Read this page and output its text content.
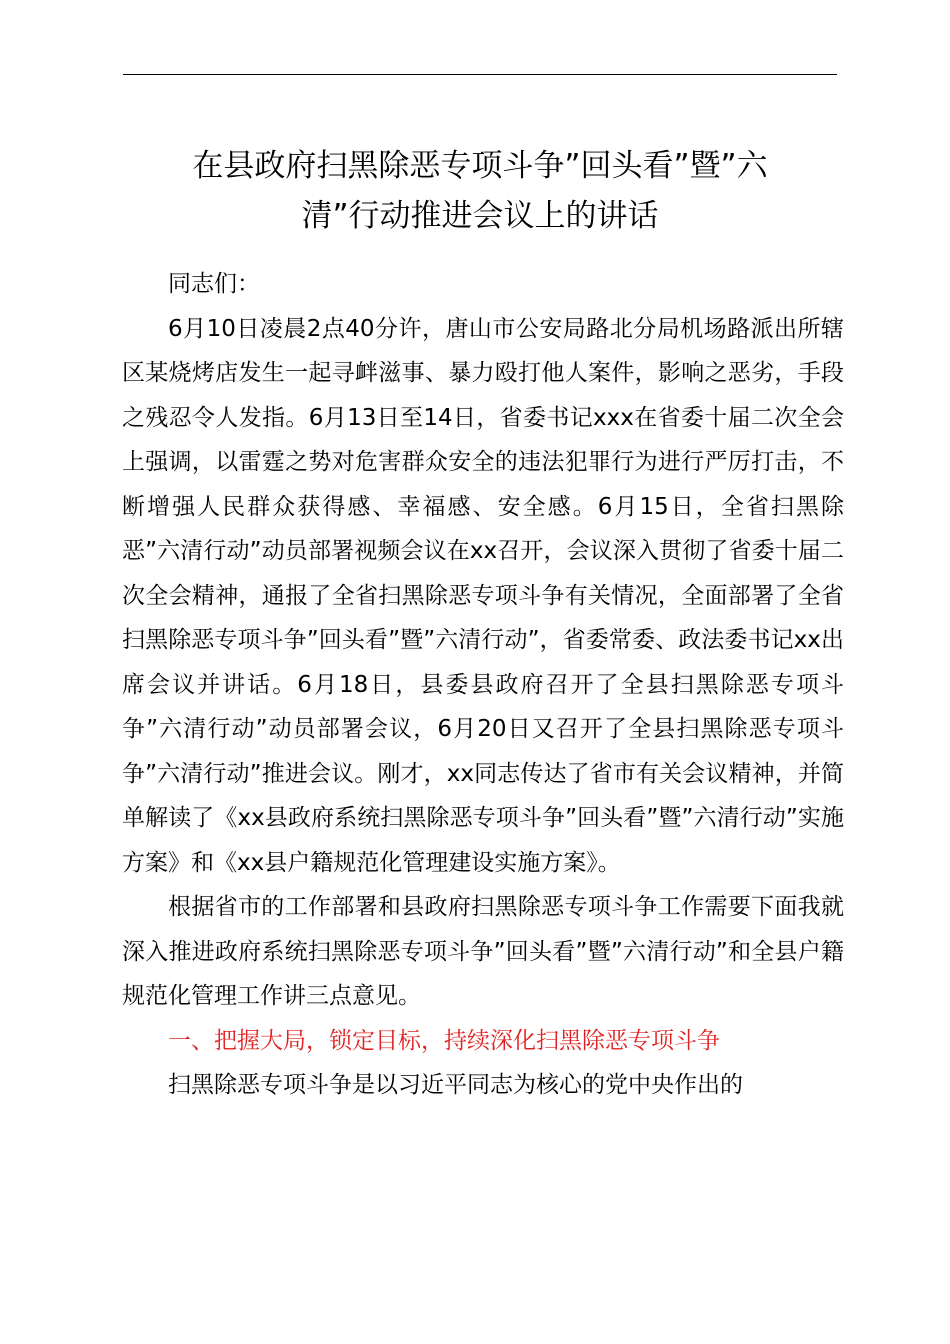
在县政府扫黑除恶专项斗争”回头看”暨”六
清”行动推进会议上的讲话

同志们：

6月10日凌晨2点40分许，唐山市公安局路北分局机场路派出所辖区某烧烤店发生一起寻衅滋事、暴力殴打他人案件，影响之恶劣，手段之残忍令人发指。6月13日至14日，省委书记xxx在省委十届二次全会上强调，以雷霆之势对危害群众安全的违法犯罪行为进行严厉打击，不断增强人民群众获得感、幸福感、安全感。6月15日，全省扫黑除恶”六清行动”动员部署视频会议在xx召开，会议深入贯彻了省委十届二次全会精神，通报了全省扫黑除恶专项斗争有关情况，全面部署了全省扫黑除恶专项斗争”回头看”暨”六清行动”，省委常委、政法委书记xx出席会议并讲话。6月18日，县委县政府召开了全县扫黑除恶专项斗争”六清行动”动员部署会议，6月20日又召开了全县扫黑除恶专项斗争”六清行动”推进会议。刚才，xx同志传达了省市有关会议精神，并简单解读了《xx县政府系统扫黑除恶专项斗争”回头看”暨”六清行动”实施方案》和《xx县户籍规范化管理建设实施方案》。

根据省市的工作部署和县政府扫黑除恶专项斗争工作需要下面我就深入推进政府系统扫黑除恶专项斗争”回头看”暨”六清行动”和全县户籍规范化管理工作讲三点意见。

一、把握大局，锁定目标，持续深化扫黑除恶专项斗争

扫黑除恶专项斗争是以习近平同志为核心的党中央作出的
